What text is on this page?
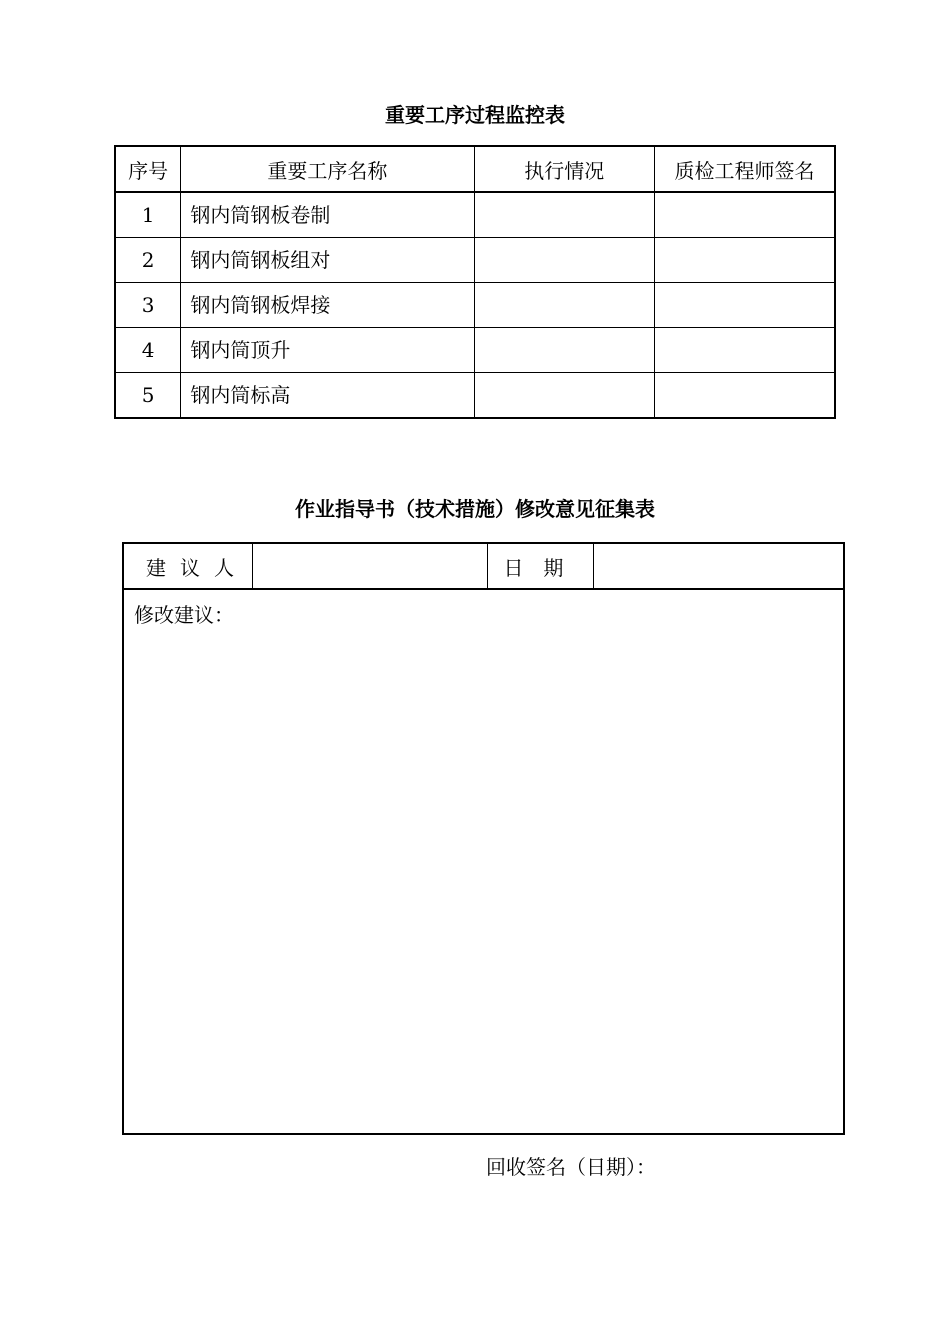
重要工序过程监控表
序号	重要工序名称	执行情况	质检工程师签名
1	钢内筒钢板卷制		
2	钢内筒钢板组对		
3	钢内筒钢板焊接		
4	钢内筒顶升		
5	钢内筒标高		
作业指导书（技术措施）修改意见征集表
建议人		日　期	
修改建议：
回收签名（日期）：
